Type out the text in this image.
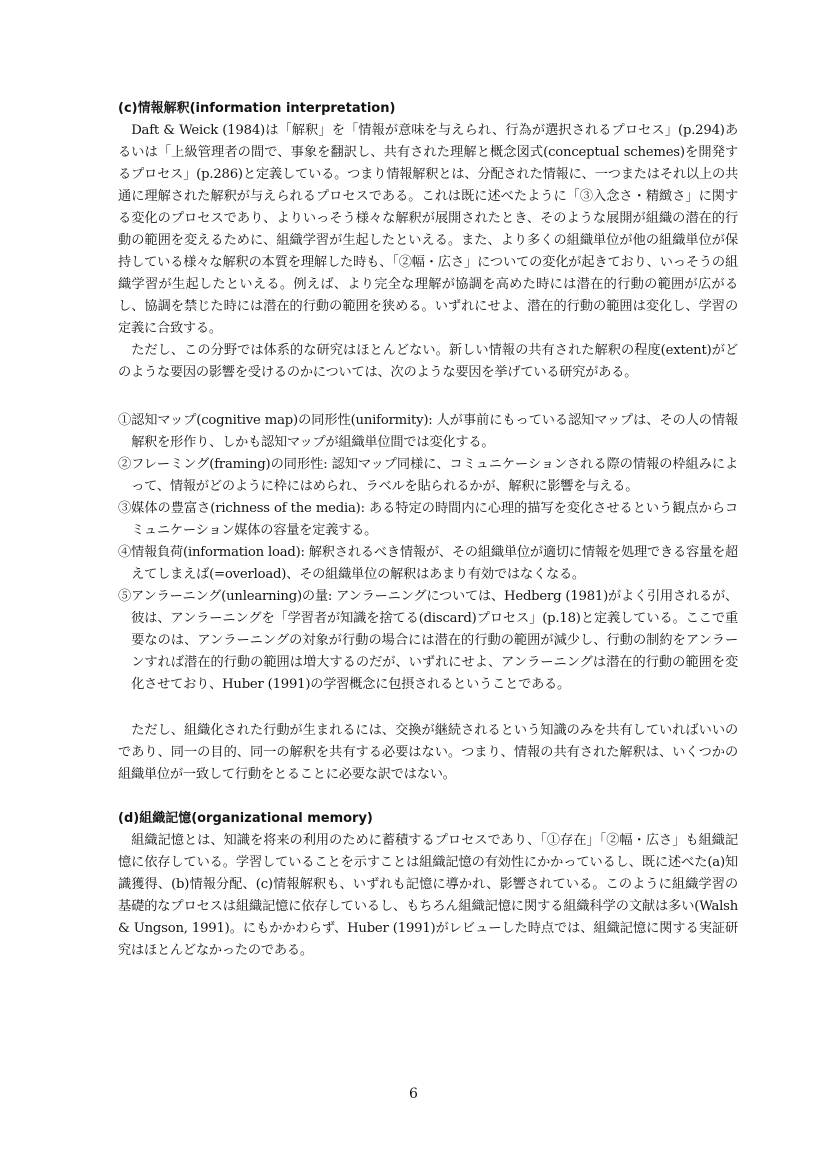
(c)情報解釈(information interpretation)

Daft & Weick (1984)は「解釈」を「情報が意味を与えられ、行為が選択されるプロセス」(p.294)あるいは「上級管理者の間で、事象を翻訳し、共有された理解と概念図式(conceptual schemes)を開発するプロセス」(p.286)と定義している。つまり情報解釈とは、分配された情報に、一つまたはそれ以上の共通に理解された解釈が与えられるプロセスである。これは既に述べたように「③入念さ・精緻さ」に関する変化のプロセスであり、よりいっそう様々な解釈が展開されたとき、そのような展開が組織の潜在的行動の範囲を変えるために、組織学習が生起したといえる。また、より多くの組織単位が他の組織単位が保持している様々な解釈の本質を理解した時も、「②幅・広さ」についての変化が起きており、いっそうの組織学習が生起したといえる。例えば、より完全な理解が協調を高めた時には潜在的行動の範囲が広がるし、協調を禁じた時には潜在的行動の範囲を狭める。いずれにせよ、潜在的行動の範囲は変化し、学習の定義に合致する。

ただし、この分野では体系的な研究はほとんどない。新しい情報の共有された解釈の程度(extent)がどのような要因の影響を受けるのかについては、次のような要因を挙げている研究がある。

①認知マップ(cognitive map)の同形性(uniformity): 人が事前にもっている認知マップは、その人の情報解釈を形作り、しかも認知マップが組織単位間では変化する。
②フレーミング(framing)の同形性: 認知マップ同様に、コミュニケーションされる際の情報の枠組みによって、情報がどのように枠にはめられ、ラベルを貼られるかが、解釈に影響を与える。
③媒体の豊富さ(richness of the media): ある特定の時間内に心理的描写を変化させるという観点からコミュニケーション媒体の容量を定義する。
④情報負荷(information load): 解釈されるべき情報が、その組織単位が適切に情報を処理できる容量を超えてしまえば(=overload)、その組織単位の解釈はあまり有効ではなくなる。
⑤アンラーニング(unlearning)の量: アンラーニングについては、Hedberg (1981)がよく引用されるが、彼は、アンラーニングを「学習者が知識を捨てる(discard)プロセス」(p.18)と定義している。ここで重要なのは、アンラーニングの対象が行動の場合には潜在的行動の範囲が減少し、行動の制約をアンラーンすれば潜在的行動の範囲は増大するのだが、いずれにせよ、アンラーニングは潜在的行動の範囲を変化させており、Huber (1991)の学習概念に包摂されるということである。

ただし、組織化された行動が生まれるには、交換が継続されるという知識のみを共有していればいいのであり、同一の目的、同一の解釈を共有する必要はない。つまり、情報の共有された解釈は、いくつかの組織単位が一致して行動をとることに必要な訳ではない。

(d)組織記憶(organizational memory)

組織記憶とは、知識を将来の利用のために蓄積するプロセスであり、「①存在」「②幅・広さ」も組織記憶に依存している。学習していることを示すことは組織記憶の有効性にかかっているし、既に述べた(a)知識獲得、(b)情報分配、(c)情報解釈も、いずれも記憶に導かれ、影響されている。このように組織学習の基礎的なプロセスは組織記憶に依存しているし、もちろん組織記憶に関する組織科学の文献は多い(Walsh & Ungson, 1991)。にもかかわらず、Huber (1991)がレビューした時点では、組織記憶に関する実証研究はほとんどなかったのである。

6
